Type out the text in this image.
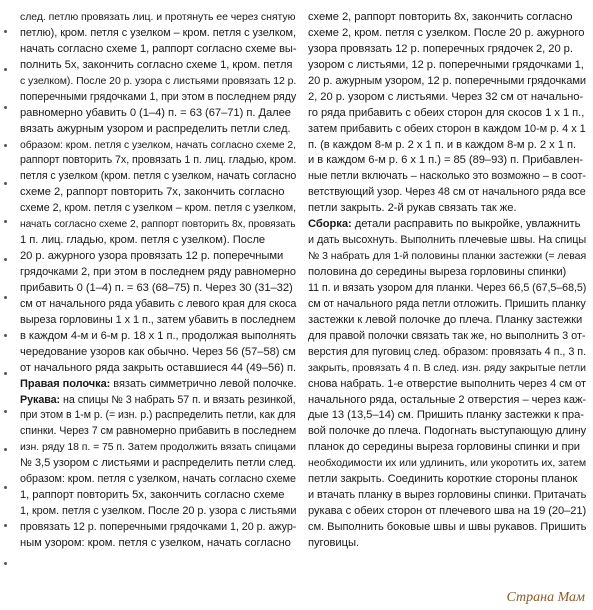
след. петлю провязать лиц. и протянуть ее через снятую
петлю), кром. петля с узелком – кром. петля с узелком,
начать согласно схеме 1, раппорт согласно схеме вы-
полнить 5х, закончить согласно схеме 1, кром. петля
с узелком). После 20 р. узора с листьями провязать 12 р.
поперечными грядочками 1, при этом в последнем ряду
равномерно убавить 0 (1–4) п. = 63 (67–71) п. Далее
вязать ажурным узором и распределить петли след.
образом: кром. петля с узелком, начать согласно схеме 2,
раппорт повторить 7х, провязать 1 п. лиц. гладью, кром.
петля с узелком (кром. петля с узелком, начать согласно
схеме 2, раппорт повторить 7х, закончить согласно
схеме 2, кром. петля с узелком – кром. петля с узелком,
начать согласно схеме 2, раппорт повторить 8х, провязать
1 п. лиц. гладью, кром. петля с узелком). После
20 р. ажурного узора провязать 12 р. поперечными
грядочками 2, при этом в последнем ряду равномерно
прибавить 0 (1–4) п. = 63 (68–75) п. Через 30 (31–32)
см от начального ряда убавить с левого края для скоса
выреза горловины 1 х 1 п., затем убавить в последнем
в каждом 4-м и 6-м р. 18 х 1 п., продолжая выполнять
чередование узоров как обычно. Через 56 (57–58) см
от начального ряда закрыть оставшиеся 44 (49–56) п.
Правая полочка: вязать симметрично левой полочке.
Рукава: на спицы № 3 набрать 57 п. и вязать резинкой,
при этом в 1-м р. (= изн. р.) распределить петли, как для
спинки. Через 7 см равномерно прибавить в последнем
изн. ряду 18 п. = 75 п. Затем продолжить вязать спицами
№ 3,5 узором с листьями и распределить петли след.
образом: кром. петля с узелком, начать согласно схеме
1, раппорт повторить 5х, закончить согласно схеме
1, кром. петля с узелком. После 20 р. узора с листьями
провязать 12 р. поперечными грядочками 1, 20 р. ажур-
ным узором: кром. петля с узелком, начать согласно
схеме 2, раппорт повторить 8х, закончить согласно
схеме 2, кром. петля с узелком. После 20 р. ажурного
узора провязать 12 р. поперечных грядочек 2, 20 р.
узором с листьями, 12 р. поперечными грядочками 1,
20 р. ажурным узором, 12 р. поперечными грядочками
2, 20 р. узором с листьями. Через 32 см от начально-
го ряда прибавить с обеих сторон для скосов 1 х 1 п.,
затем прибавить с обеих сторон в каждом 10-м р. 4 х 1
п. (в каждом 8-м р. 2 х 1 п. и в каждом 8-м р. 2 х 1 п.
и в каждом 6-м р. 6 х 1 п.) = 85 (89–93) п. Прибавлен-
ные петли включать – насколько это возможно – в соот-
ветствующий узор. Через 48 см от начального ряда все
петли закрыть. 2-й рукав связать так же.
Сборка: детали расправить по выкройке, увлажнить
и дать высохнуть. Выполнить плечевые швы. На спицы
№ 3 набрать для 1-й половины планки застежки (= левая
половина до середины выреза горловины спинки)
11 п. и вязать узором для планки. Через 66,5 (67,5–68,5)
см от начального ряда петли отложить. Пришить планку
застежки к левой полочке до плеча. Планку застежки
для правой полочки связать так же, но выполнить 3 от-
верстия для пуговиц след. образом: провязать 4 п., 3 п.
закрыть, провязать 4 п. В след. изн. ряду закрытые петли
снова набрать. 1-е отверстие выполнить через 4 см от
начального ряда, остальные 2 отверстия – через каж-
дые 13 (13,5–14) см. Пришить планку застежки к пра-
вой полочке до плеча. Подогнать выступающую длину
планок до середины выреза горловины спинки и при
необходимости их или удлинить, или укоротить их, затем
петли закрыть. Соединить короткие стороны планок
и втачать планку в вырез горловины спинки. Притачать
рукава с обеих сторон от плечевого шва на 19 (20–21)
см. Выполнить боковые швы и швы рукавов. Пришить
пуговицы.
Страна Мам
